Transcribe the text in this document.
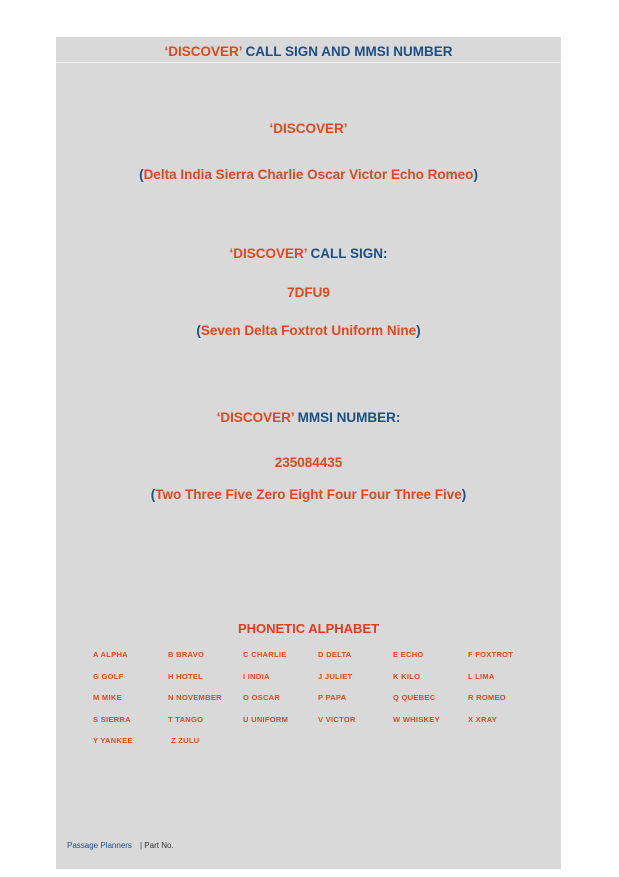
‘DISCOVER’ CALL SIGN AND MMSI NUMBER
‘DISCOVER’
(Delta India Sierra Charlie Oscar Victor Echo Romeo)
‘DISCOVER’ CALL SIGN:
7DFU9
(Seven Delta Foxtrot Uniform Nine)
‘DISCOVER’ MMSI NUMBER:
235084435
(Two Three Five Zero Eight Four Four Three Five)
PHONETIC ALPHABET
A ALPHA	B BRAVO	C CHARLIE	D DELTA	E ECHO	F FOXTROT
G GOLF	H HOTEL	I INDIA	J JULIET	K KILO	L LIMA
M MIKE	N NOVEMBER	O OSCAR	P PAPA	Q QUEBEC	R ROMEO
S SIERRA	T TANGO	U UNIFORM	V VICTOR	W WHISKEY	X XRAY
Y YANKEE	Z ZULU
Passage Planners | Part No.
